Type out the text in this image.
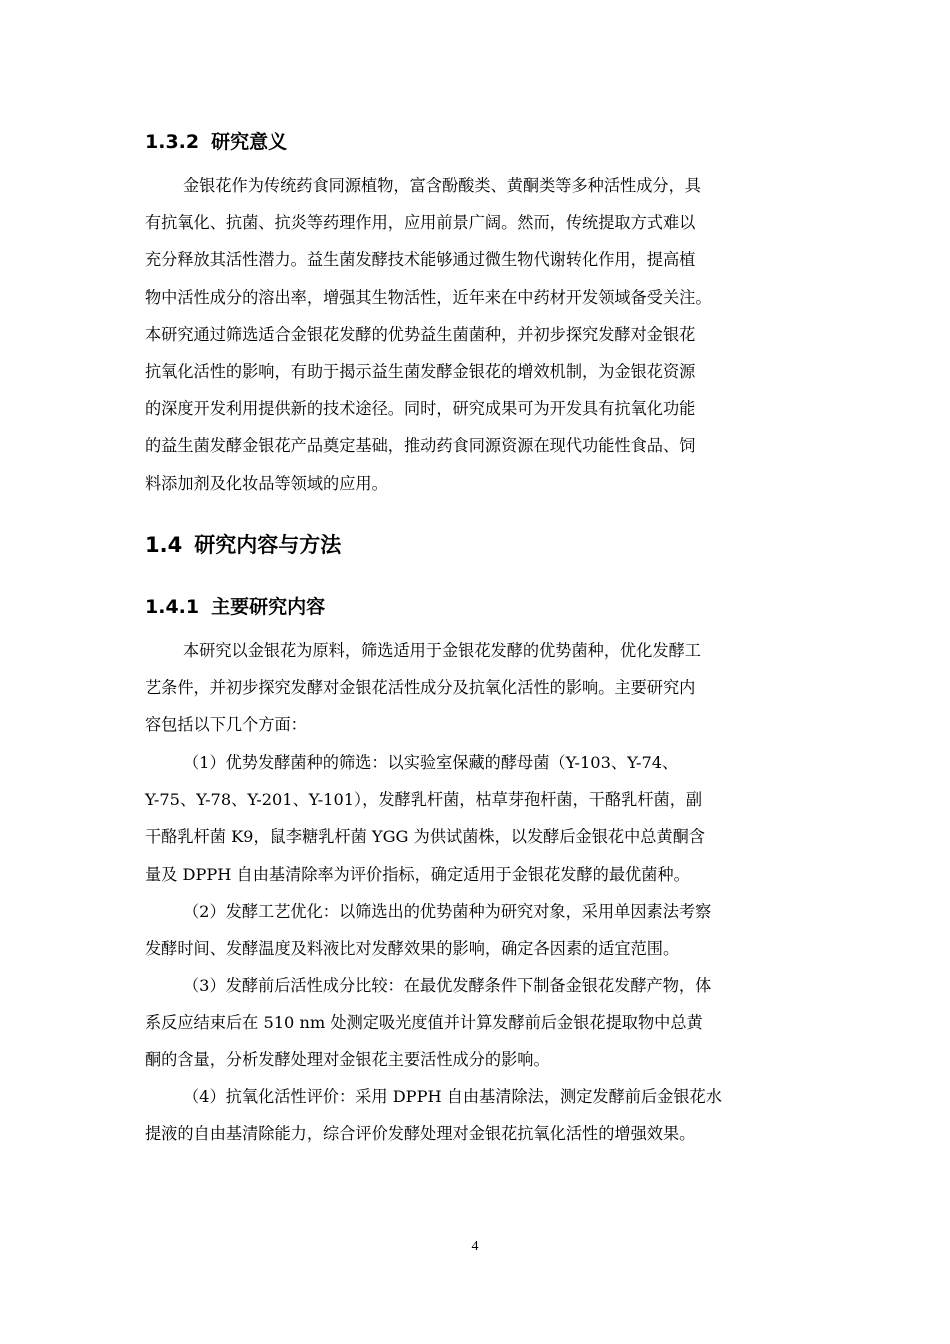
1.3.2 研究意义
金银花作为传统药食同源植物，富含酚酸类、黄酮类等多种活性成分，具
有抗氧化、抗菌、抗炎等药理作用，应用前景广阔。然而，传统提取方式难以
充分释放其活性潜力。益生菌发酵技术能够通过微生物代谢转化作用，提高植
物中活性成分的溶出率，增强其生物活性，近年来在中药材开发领域备受关注。
本研究通过筛选适合金银花发酵的优势益生菌菌种，并初步探究发酵对金银花
抗氧化活性的影响，有助于揭示益生菌发酵金银花的增效机制，为金银花资源
的深度开发利用提供新的技术途径。同时，研究成果可为开发具有抗氧化功能
的益生菌发酵金银花产品奠定基础，推动药食同源资源在现代功能性食品、饲
料添加剂及化妆品等领域的应用。
1.4 研究内容与方法
1.4.1 主要研究内容
本研究以金银花为原料，筛选适用于金银花发酵的优势菌种，优化发酵工
艺条件，并初步探究发酵对金银花活性成分及抗氧化活性的影响。主要研究内
容包括以下几个方面：
（1）优势发酵菌种的筛选：以实验室保藏的酵母菌（Y-103、Y-74、
Y-75、Y-78、Y-201、Y-101），发酵乳杆菌，枯草芽孢杆菌，干酪乳杆菌，副
干酪乳杆菌 K9，鼠李糖乳杆菌 YGG 为供试菌株，以发酵后金银花中总黄酮含
量及 DPPH 自由基清除率为评价指标，确定适用于金银花发酵的最优菌种。
（2）发酵工艺优化：以筛选出的优势菌种为研究对象，采用单因素法考察
发酵时间、发酵温度及料液比对发酵效果的影响，确定各因素的适宜范围。
（3）发酵前后活性成分比较：在最优发酵条件下制备金银花发酵产物，体
系反应结束后在 510 nm 处测定吸光度值并计算发酵前后金银花提取物中总黄
酮的含量，分析发酵处理对金银花主要活性成分的影响。
（4）抗氧化活性评价：采用 DPPH 自由基清除法，测定发酵前后金银花水
提液的自由基清除能力，综合评价发酵处理对金银花抗氧化活性的增强效果。
4
